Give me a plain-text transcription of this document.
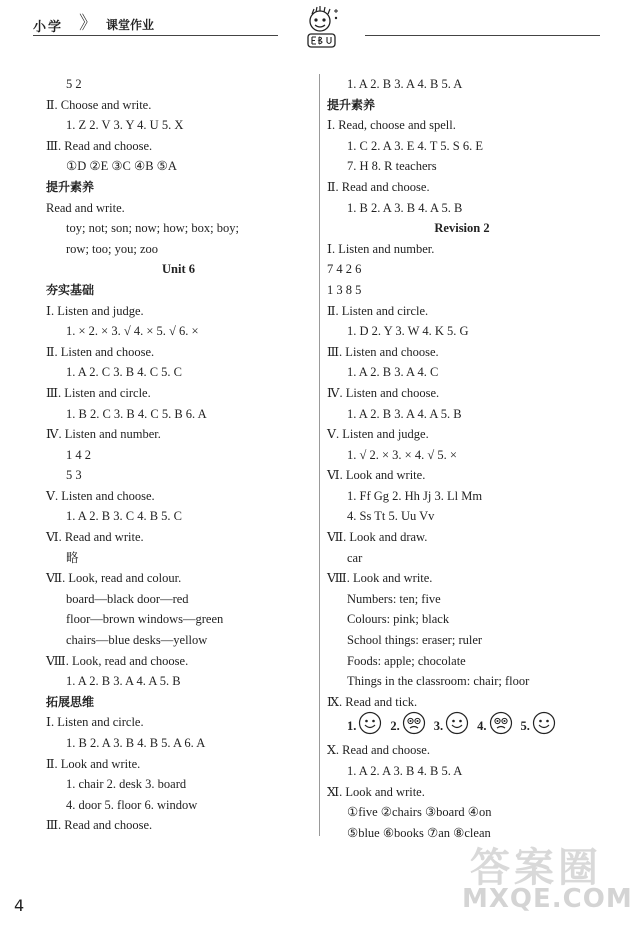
小学 》 课堂作业
5 2
Ⅱ. Choose and write.
1. Z 2. V 3. Y 4. U 5. X
Ⅲ. Read and choose.
①D ②E ③C ④B ⑤A
提升素养
Read and write.
toy; not; son; now; how; box; boy;
row; too; you; zoo
Unit 6
夯实基础
Ⅰ. Listen and judge.
1. × 2. × 3. √ 4. × 5. √ 6. ×
Ⅱ. Listen and choose.
1. A 2. C 3. B 4. C 5. C
Ⅲ. Listen and circle.
1. B 2. C 3. B 4. C 5. B 6. A
Ⅳ. Listen and number.
1 4 2
5 3
Ⅴ. Listen and choose.
1. A 2. B 3. C 4. B 5. C
Ⅵ. Read and write.
略
Ⅶ. Look, read and colour.
board—black door—red
floor—brown windows—green
chairs—blue desks—yellow
Ⅷ. Look, read and choose.
1. A 2. B 3. A 4. A 5. B
拓展思维
Ⅰ. Listen and circle.
1. B 2. A 3. B 4. B 5. A 6. A
Ⅱ. Look and write.
1. chair 2. desk 3. board
4. door 5. floor 6. window
Ⅲ. Read and choose.
1. A 2. B 3. A 4. B 5. A
提升素养
Ⅰ. Read, choose and spell.
1. C 2. A 3. E 4. T 5. S 6. E
7. H 8. R teachers
Ⅱ. Read and choose.
1. B 2. A 3. B 4. A 5. B
Revision 2
Ⅰ. Listen and number.
7 4 2 6
1 3 8 5
Ⅱ. Listen and circle.
1. D 2. Y 3. W 4. K 5. G
Ⅲ. Listen and choose.
1. A 2. B 3. A 4. C
Ⅳ. Listen and choose.
1. A 2. B 3. A 4. A 5. B
Ⅴ. Listen and judge.
1. √ 2. × 3. × 4. √ 5. ×
Ⅵ. Look and write.
1. Ff Gg 2. Hh Jj 3. Ll Mm
4. Ss Tt 5. Uu Vv
Ⅶ. Look and draw.
car
Ⅷ. Look and write.
Numbers: ten; five
Colours: pink; black
School things: eraser; ruler
Foods: apple; chocolate
Things in the classroom: chair; floor
Ⅸ. Read and tick.
1.	2.	3.	4.	5.
Ⅹ. Read and choose.
1. A 2. A 3. B 4. B 5. A
Ⅺ. Look and write.
①five ②chairs ③board ④on
⑤blue ⑥books ⑦an ⑧clean
4
答案圈
MXQE.COM
